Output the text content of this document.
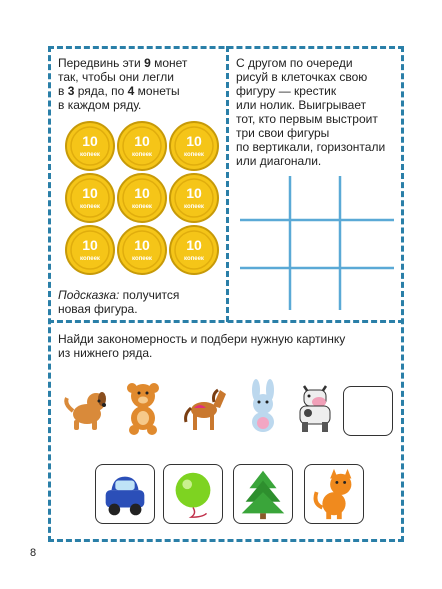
Передвинь эти 9 монет
так, чтобы они легли
в 3 ряда, по 4 монеты
в каждом ряду.
10
копеек
10
копеек
10
копеек
10
копеек
10
копеек
10
копеек
10
копеек
10
копеек
10
копеек
Подсказка: получится
новая фигура.
С другом по очереди
рисуй в клеточках свою
фигуру — крестик
или нолик. Выигрывает
тот, кто первым выстроит
три свои фигуры
по вертикали, горизонтали
или диагонали.
Найди закономерность и подбери нужную картинку
из нижнего ряда.
8
